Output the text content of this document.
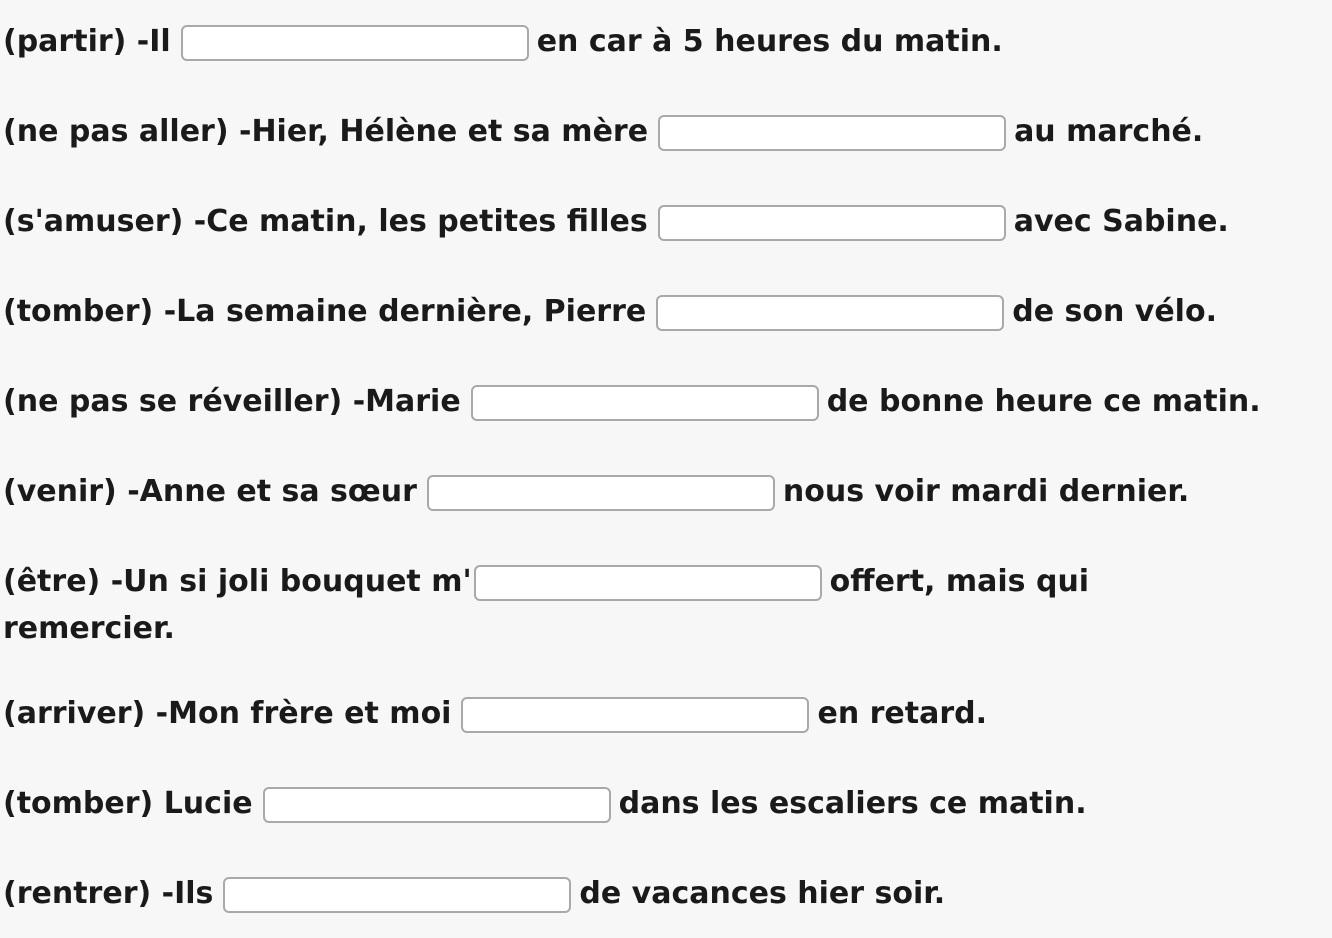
(partir) -Il	en car à 5 heures du matin.
(ne pas aller) -Hier, Hélène et sa mère	au marché.
(s'amuser) -Ce matin, les petites filles	avec Sabine.
(tomber) -La semaine dernière, Pierre	de son vélo.
(ne pas se réveiller) -Marie	de bonne heure ce matin.
(venir) -Anne et sa sœur	nous voir mardi dernier.
(être) -Un si joli bouquet m'	offert, mais qui
remercier.
(arriver) -Mon frère et moi	en retard.
(tomber) Lucie	dans les escaliers ce matin.
(rentrer) -Ils	de vacances hier soir.
